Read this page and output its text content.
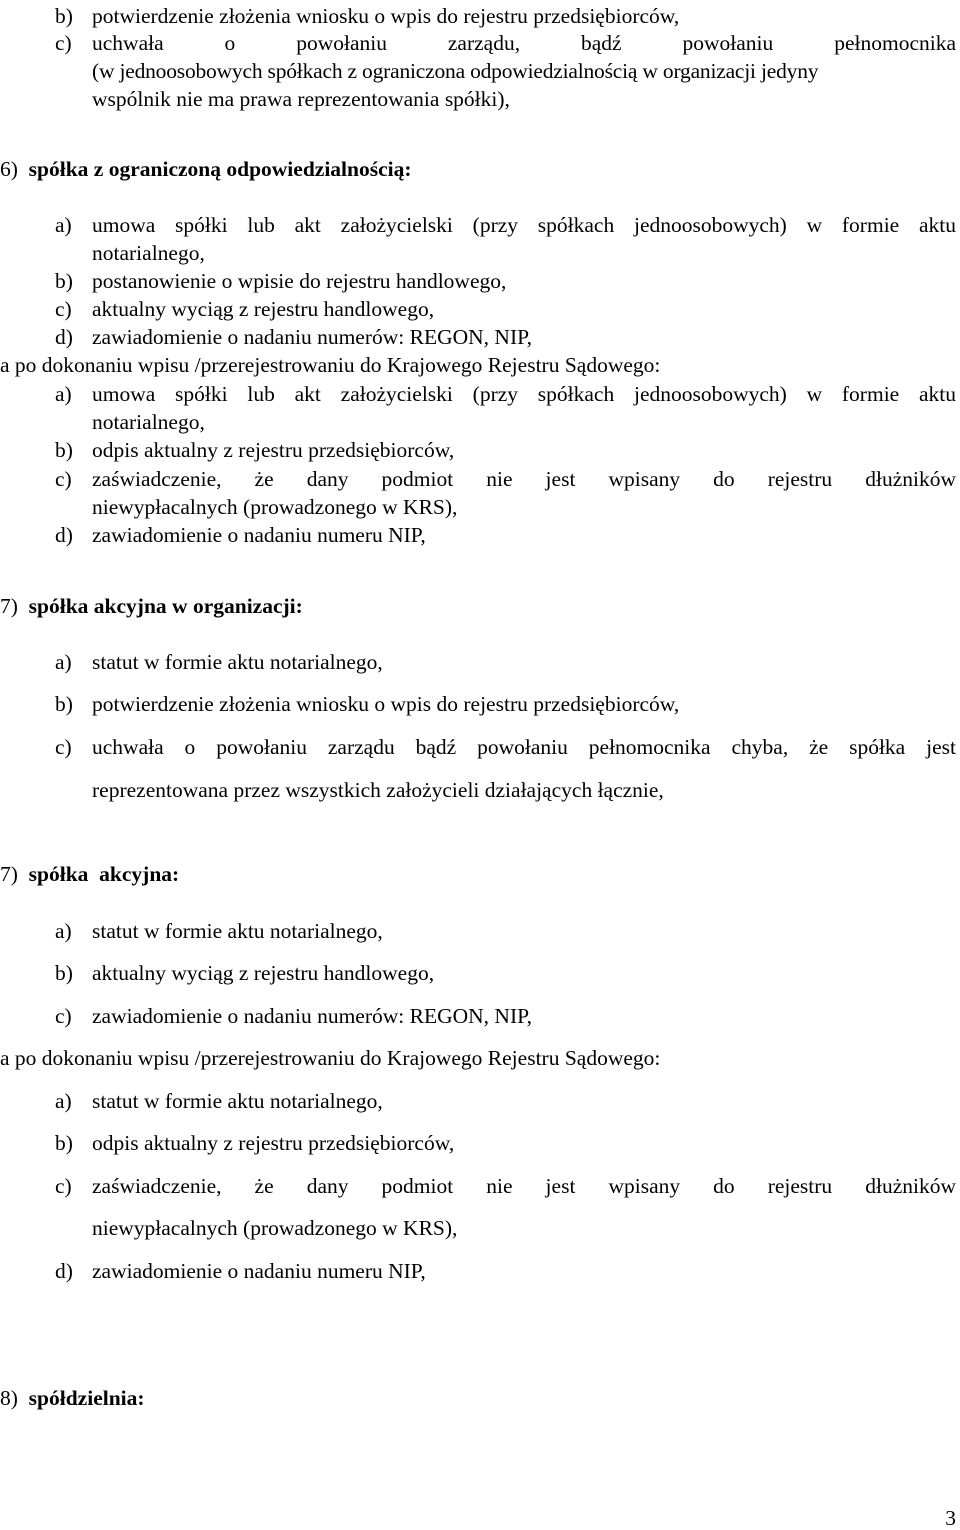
b) potwierdzenie złożenia wniosku o wpis do rejestru przedsiębiorców,
c) uchwała o powołaniu zarządu, bądź powołaniu pełnomocnika
(w jednoosobowych spółkach z ograniczona odpowiedzialnością w organizacji jedyny
wspólnik nie ma prawa reprezentowania spółki),
6) spółka z ograniczoną odpowiedzialnością:
a) umowa spółki lub akt założycielski (przy spółkach jednoosobowych) w formie aktu
notarialnego,
b) postanowienie o wpisie do rejestru handlowego,
c) aktualny wyciąg z rejestru handlowego,
d) zawiadomienie o nadaniu numerów: REGON, NIP,
a po dokonaniu wpisu /przerejestrowaniu do Krajowego Rejestru Sądowego:
a) umowa spółki lub akt założycielski (przy spółkach jednoosobowych) w formie aktu
notarialnego,
b) odpis aktualny z rejestru przedsiębiorców,
c) zaświadczenie, że dany podmiot nie jest wpisany do rejestru dłużników
niewypłacalnych (prowadzonego w KRS),
d) zawiadomienie o nadaniu numeru NIP,
7) spółka akcyjna w organizacji:
a) statut w formie aktu notarialnego,
b) potwierdzenie złożenia wniosku o wpis do rejestru przedsiębiorców,
c) uchwała o powołaniu zarządu bądź powołaniu pełnomocnika chyba, że spółka jest
reprezentowana przez wszystkich założycieli działających łącznie,
7) spółka  akcyjna:
a) statut w formie aktu notarialnego,
b) aktualny wyciąg z rejestru handlowego,
c) zawiadomienie o nadaniu numerów: REGON, NIP,
a po dokonaniu wpisu /przerejestrowaniu do Krajowego Rejestru Sądowego:
a) statut w formie aktu notarialnego,
b) odpis aktualny z rejestru przedsiębiorców,
c) zaświadczenie, że dany podmiot nie jest wpisany do rejestru dłużników
niewypłacalnych (prowadzonego w KRS),
d) zawiadomienie o nadaniu numeru NIP,
8) spółdzielnia:
3
